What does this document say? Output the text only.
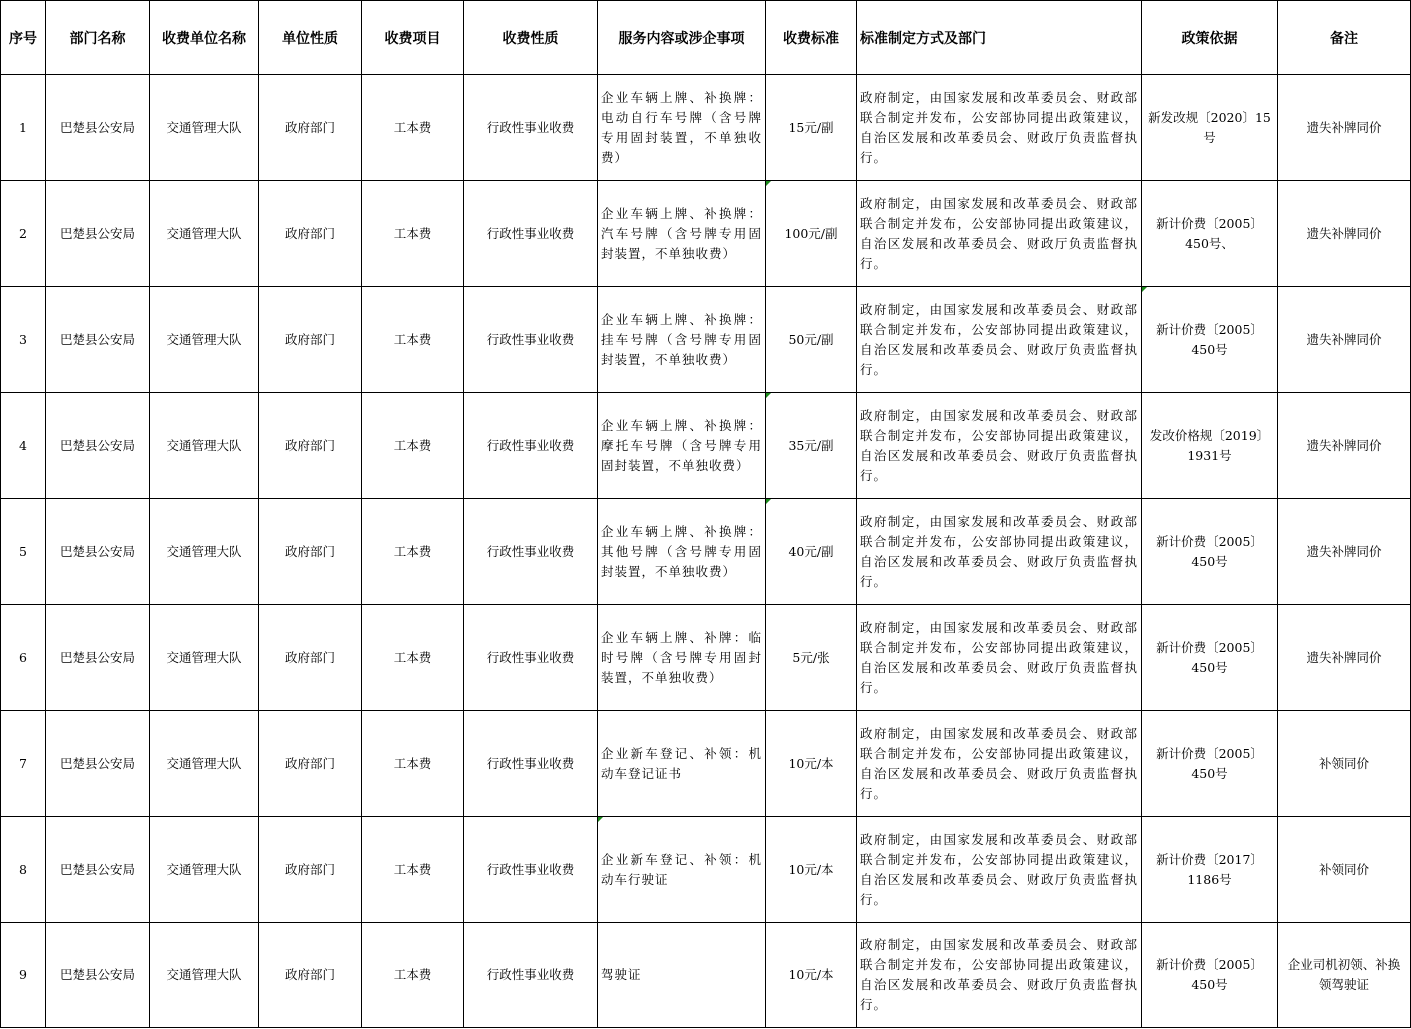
序号	部门名称	收费单位名称	单位性质	收费项目	收费性质	服务内容或涉企事项	收费标准	标准制定方式及部门	政策依据	备注
1	巴楚县公安局	交通管理大队	政府部门	工本费	行政性事业收费	企业车辆上牌、补换牌：电动自行车号牌（含号牌专用固封装置，不单独收费）	15元/副	政府制定，由国家发展和改革委员会、财政部联合制定并发布，公安部协同提出政策建议，自治区发展和改革委员会、财政厅负责监督执行。	新发改规〔2020〕15号	遗失补牌同价
2	巴楚县公安局	交通管理大队	政府部门	工本费	行政性事业收费	企业车辆上牌、补换牌：汽车号牌（含号牌专用固封装置，不单独收费）	100元/副	政府制定，由国家发展和改革委员会、财政部联合制定并发布，公安部协同提出政策建议，自治区发展和改革委员会、财政厅负责监督执行。	新计价费〔2005〕450号、	遗失补牌同价
3	巴楚县公安局	交通管理大队	政府部门	工本费	行政性事业收费	企业车辆上牌、补换牌：挂车号牌（含号牌专用固封装置，不单独收费）	50元/副	政府制定，由国家发展和改革委员会、财政部联合制定并发布，公安部协同提出政策建议，自治区发展和改革委员会、财政厅负责监督执行。	新计价费〔2005〕450号	遗失补牌同价
4	巴楚县公安局	交通管理大队	政府部门	工本费	行政性事业收费	企业车辆上牌、补换牌：摩托车号牌（含号牌专用固封装置，不单独收费）	35元/副	政府制定，由国家发展和改革委员会、财政部联合制定并发布，公安部协同提出政策建议，自治区发展和改革委员会、财政厅负责监督执行。	发改价格规〔2019〕1931号	遗失补牌同价
5	巴楚县公安局	交通管理大队	政府部门	工本费	行政性事业收费	企业车辆上牌、补换牌：其他号牌（含号牌专用固封装置，不单独收费）	40元/副	政府制定，由国家发展和改革委员会、财政部联合制定并发布，公安部协同提出政策建议，自治区发展和改革委员会、财政厅负责监督执行。	新计价费〔2005〕450号	遗失补牌同价
6	巴楚县公安局	交通管理大队	政府部门	工本费	行政性事业收费	企业车辆上牌、补牌：临时号牌（含号牌专用固封装置，不单独收费）	5元/张	政府制定，由国家发展和改革委员会、财政部联合制定并发布，公安部协同提出政策建议，自治区发展和改革委员会、财政厅负责监督执行。	新计价费〔2005〕450号	遗失补牌同价
7	巴楚县公安局	交通管理大队	政府部门	工本费	行政性事业收费	企业新车登记、补领：机动车登记证书	10元/本	政府制定，由国家发展和改革委员会、财政部联合制定并发布，公安部协同提出政策建议，自治区发展和改革委员会、财政厅负责监督执行。	新计价费〔2005〕450号	补领同价
8	巴楚县公安局	交通管理大队	政府部门	工本费	行政性事业收费	企业新车登记、补领：机动车行驶证	10元/本	政府制定，由国家发展和改革委员会、财政部联合制定并发布，公安部协同提出政策建议，自治区发展和改革委员会、财政厅负责监督执行。	新计价费〔2017〕1186号	补领同价
9	巴楚县公安局	交通管理大队	政府部门	工本费	行政性事业收费	驾驶证	10元/本	政府制定，由国家发展和改革委员会、财政部联合制定并发布，公安部协同提出政策建议，自治区发展和改革委员会、财政厅负责监督执行。	新计价费〔2005〕450号	企业司机初领、补换领驾驶证
